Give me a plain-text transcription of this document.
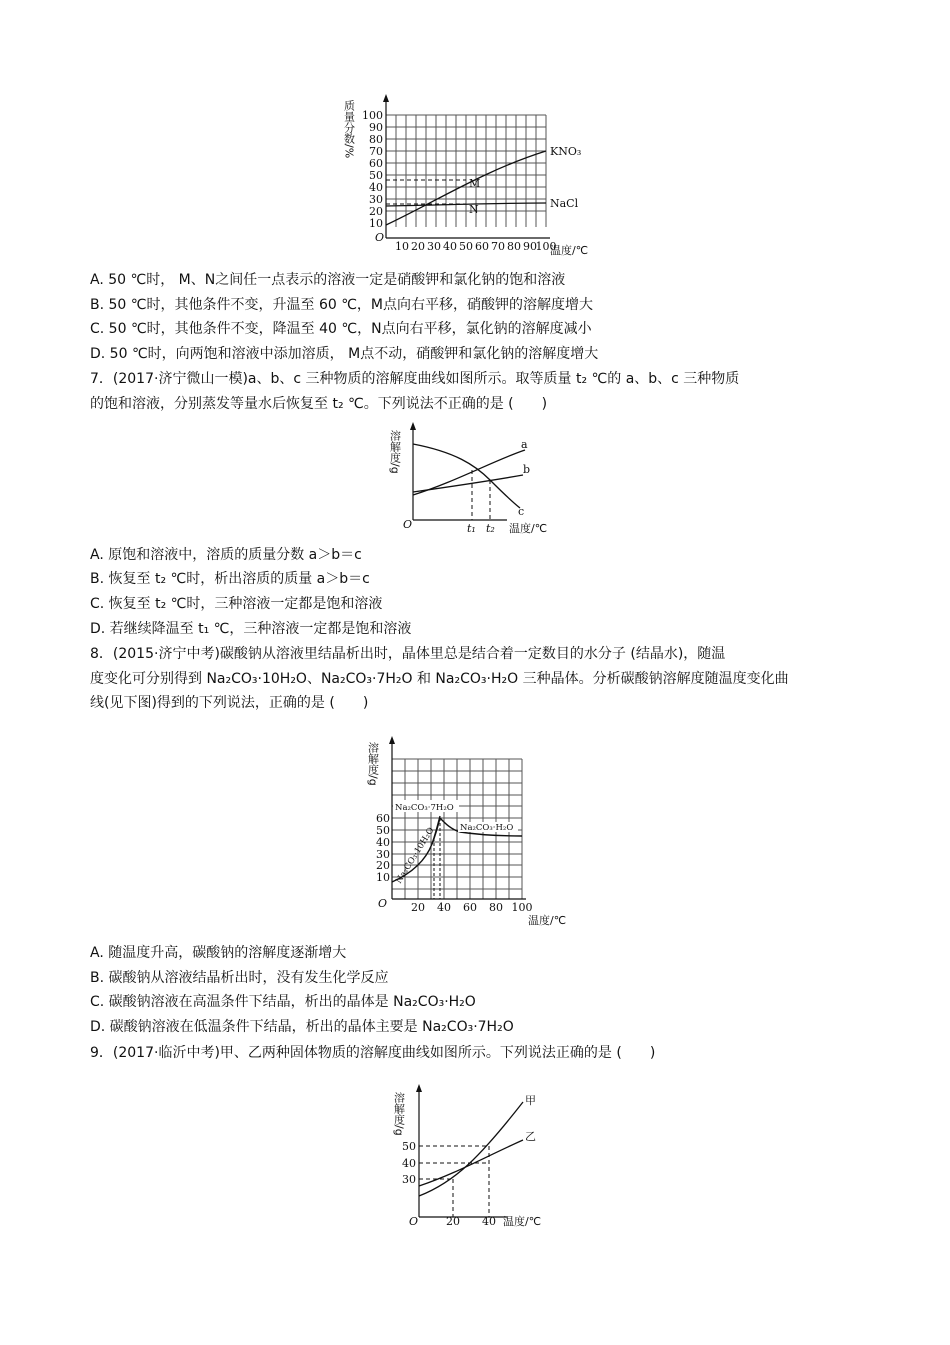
M
N
KNO₃
NaCl
100
90
80
70
60
50
40
30
20
10
O
10 20 30 40 50 60 70 80 90
100
温度/℃
质量分数/%
A. 50 ℃时， M、N之间任一点表示的溶液一定是硝酸钾和氯化钠的饱和溶液
B. 50 ℃时，其他条件不变，升温至 60 ℃，M点向右平移，硝酸钾的溶解度增大
C. 50 ℃时，其他条件不变，降温至 40 ℃，N点向右平移，氯化钠的溶解度减小
D. 50 ℃时，向两饱和溶液中添加溶质， M点不动，硝酸钾和氯化钠的溶解度增大
7．(2017·济宁微山一模)a、b、c 三种物质的溶解度曲线如图所示。取等质量 t₂ ℃的 a、b、c 三种物质
的饱和溶液，分别蒸发等量水后恢复至 t₂ ℃。下列说法不正确的是 (　　)
a
b
c
t₁ t₂
O	温度/℃
溶解度/g
A. 原饱和溶液中，溶质的质量分数 a＞b＝c
B. 恢复至 t₂ ℃时，析出溶质的质量 a＞b＝c
C. 恢复至 t₂ ℃时，三种溶液一定都是饱和溶液
D. 若继续降温至 t₁ ℃，三种溶液一定都是饱和溶液
8．(2015·济宁中考)碳酸钠从溶液里结晶析出时，晶体里总是结合着一定数目的水分子 (结晶水)，随温
度变化可分别得到 Na₂CO₃·10H₂O、Na₂CO₃·7H₂O 和 Na₂CO₃·H₂O 三种晶体。分析碳酸钠溶解度随温度变化曲
线(见下图)得到的下列说法，正确的是 (　　)
Na₂CO₃·7H₂O
Na₂CO₃·H₂O
Na₂CO₃·10H₂O
60
50
40
30
20
10
O 20 40 60 80 100
温度/℃
溶解度/g
A. 随温度升高，碳酸钠的溶解度逐渐增大
B. 碳酸钠从溶液结晶析出时，没有发生化学反应
C. 碳酸钠溶液在高温条件下结晶，析出的晶体是 Na₂CO₃·H₂O
D. 碳酸钠溶液在低温条件下结晶，析出的晶体主要是 Na₂CO₃·7H₂O
9．(2017·临沂中考)甲、乙两种固体物质的溶解度曲线如图所示。下列说法正确的是 (　　)
甲
乙
50
40
30
O	20 40 温度/℃
溶解度/g
